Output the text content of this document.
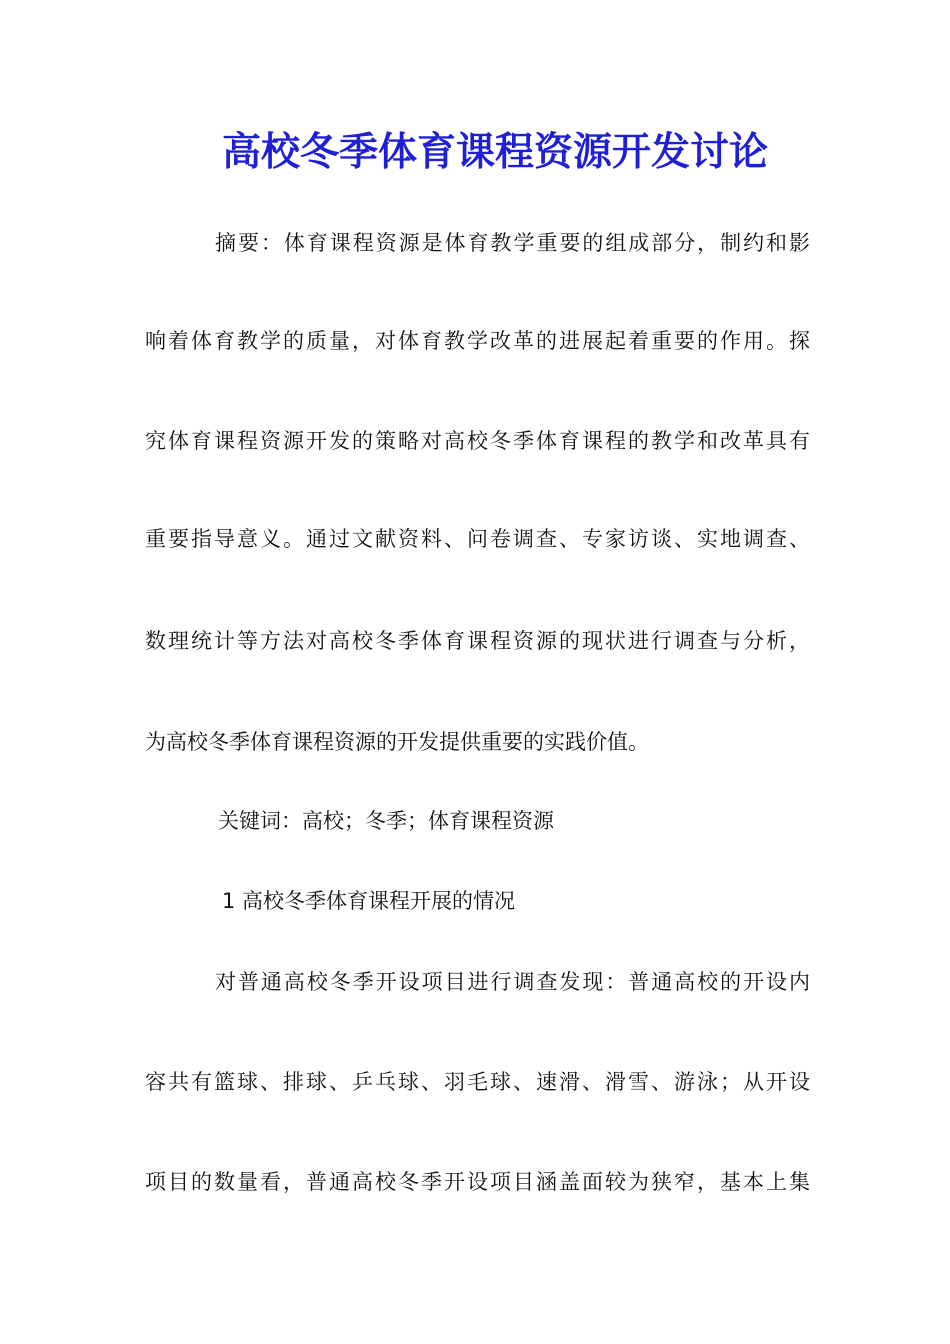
高校冬季体育课程资源开发讨论
摘要：体育课程资源是体育教学重要的组成部分，制约和影
响着体育教学的质量，对体育教学改革的进展起着重要的作用。探
究体育课程资源开发的策略对高校冬季体育课程的教学和改革具有
重要指导意义。通过文献资料、问卷调查、专家访谈、实地调查、
数理统计等方法对高校冬季体育课程资源的现状进行调查与分析，
为高校冬季体育课程资源的开发提供重要的实践价值。
关键词：高校；冬季；体育课程资源
1 高校冬季体育课程开展的情况
对普通高校冬季开设项目进行调查发现：普通高校的开设内
容共有篮球、排球、乒乓球、羽毛球、速滑、滑雪、游泳；从开设
项目的数量看，普通高校冬季开设项目涵盖面较为狭窄，基本上集
